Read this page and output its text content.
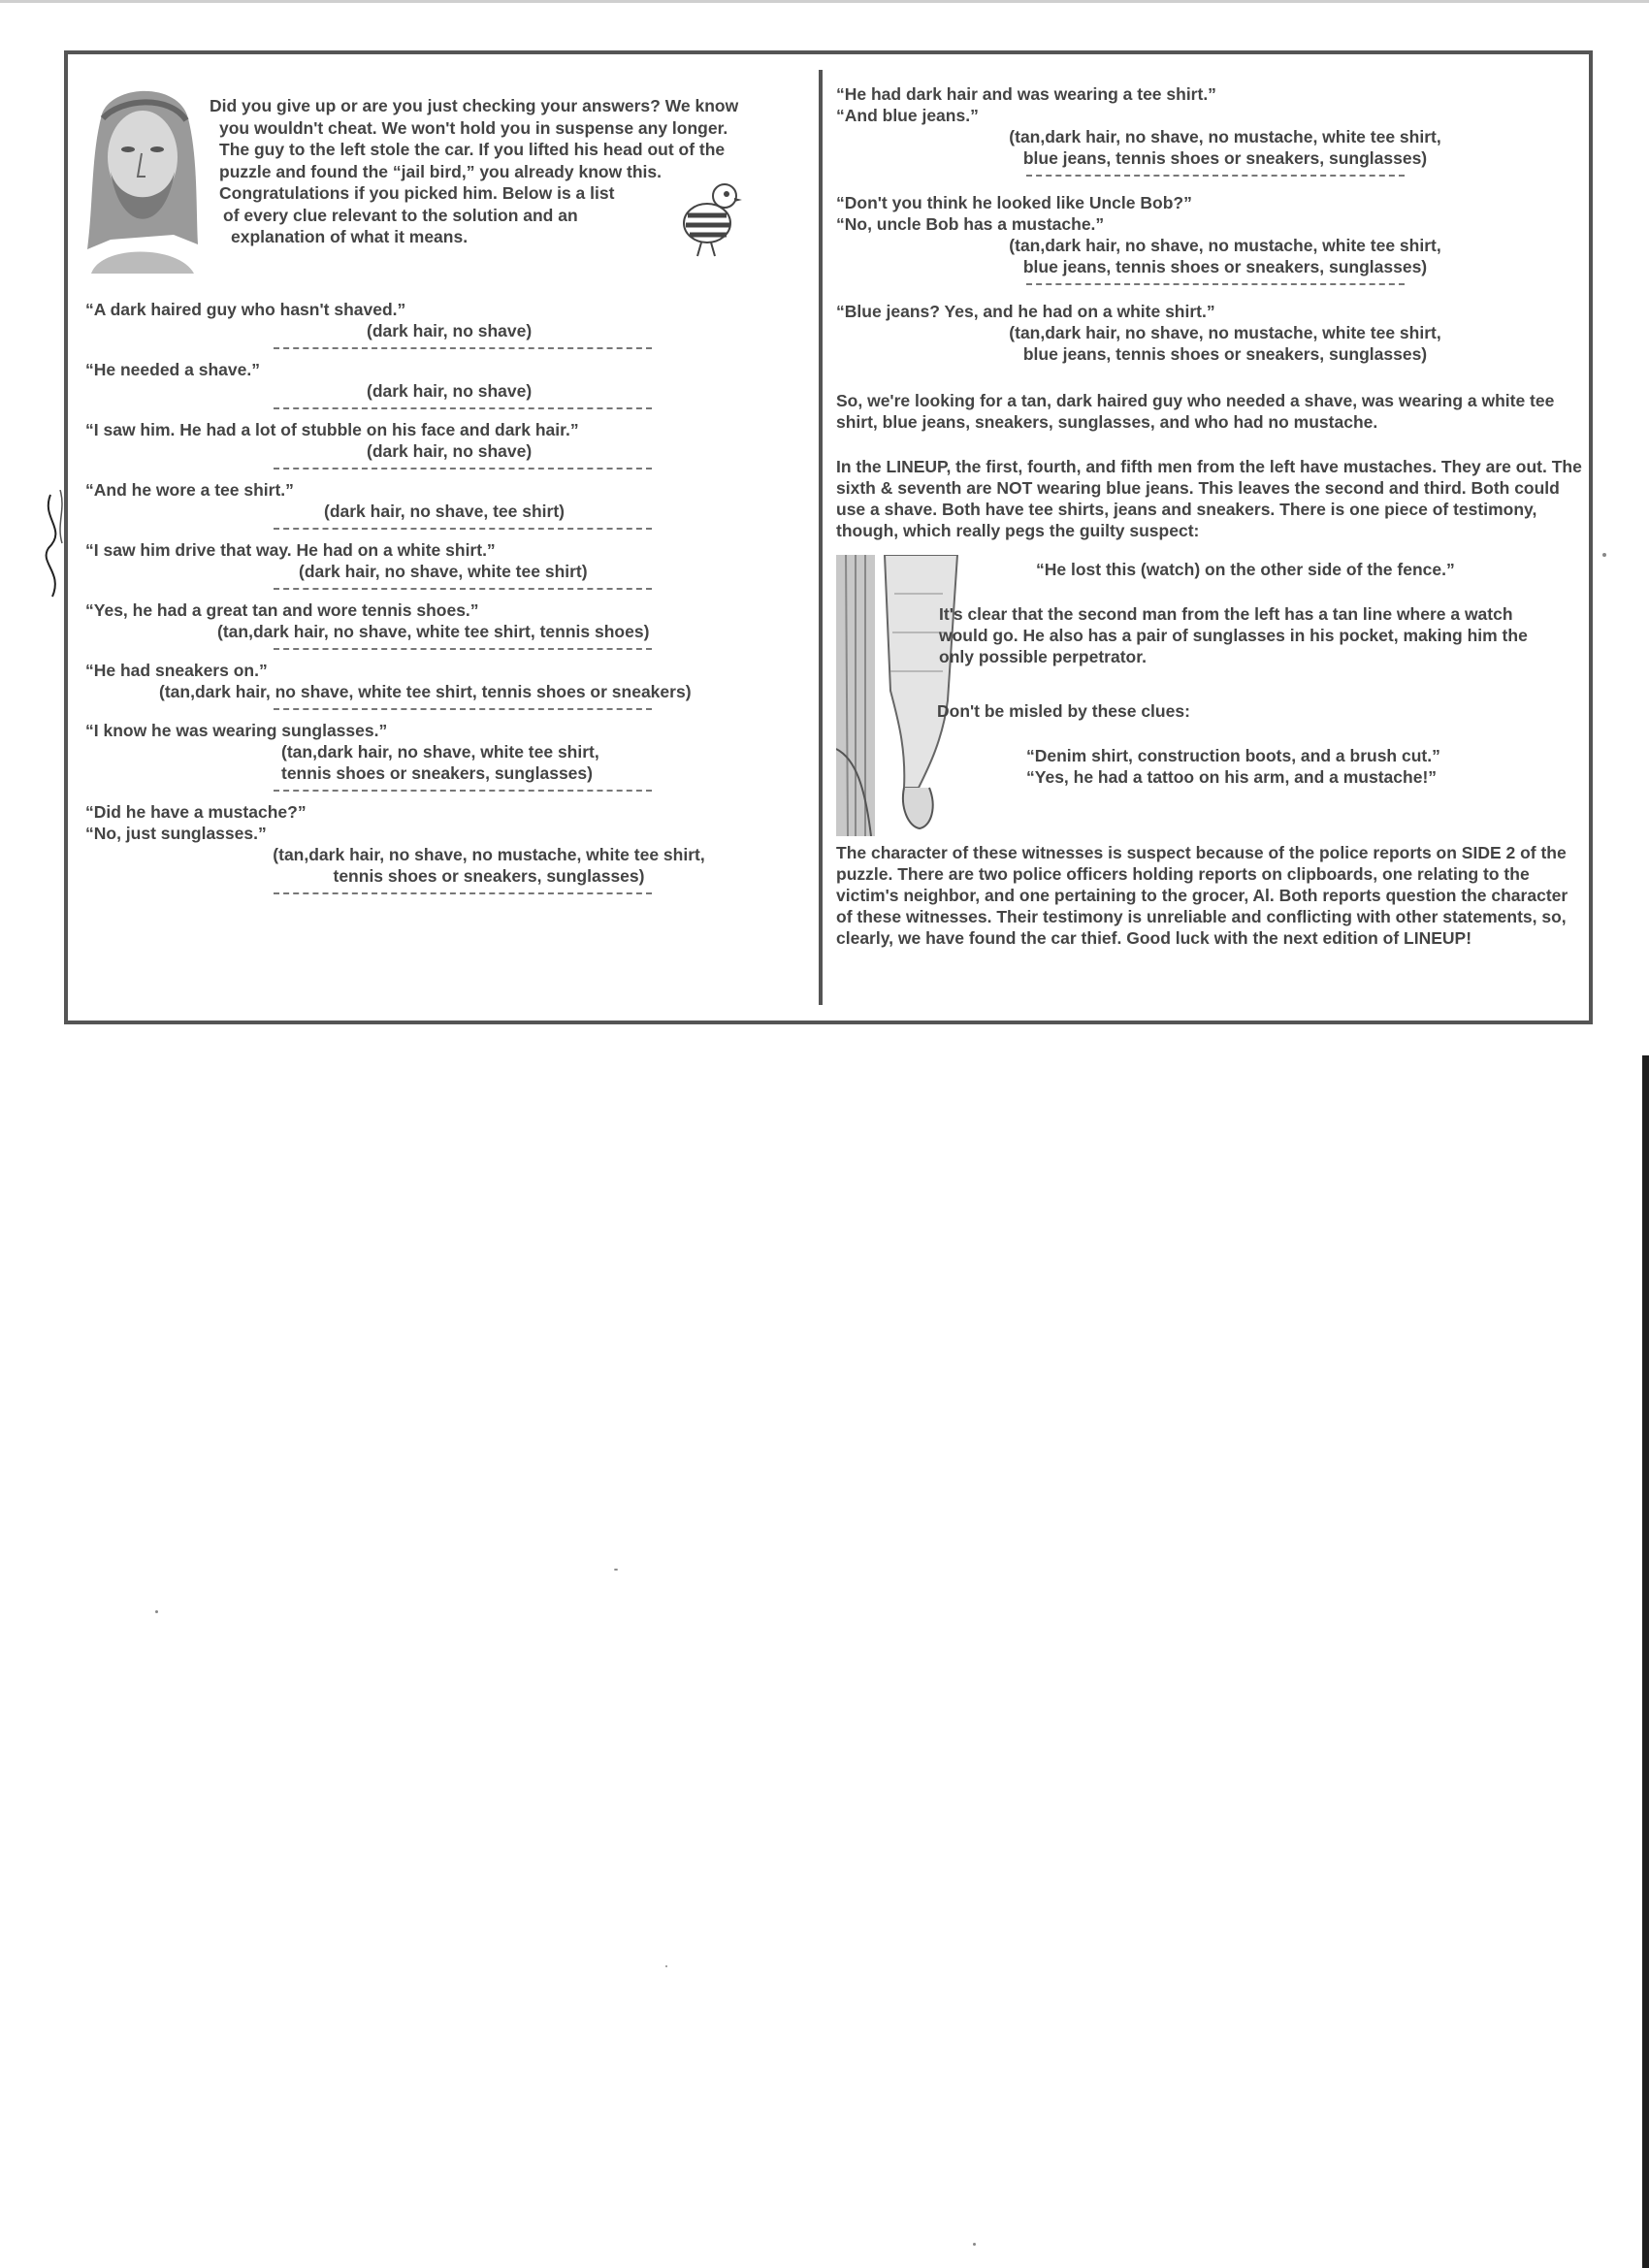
Did you give up or are you just checking your answers? We know

you wouldn't cheat. We won't hold you in suspense any longer.

The guy to the left stole the car. If you lifted his head out of the

puzzle and found the “jail bird,” you already know this.

Congratulations if you picked him. Below is a list

of every clue relevant to the solution and an

explanation of what it means.

“A dark haired guy who hasn't shaved.”
(dark hair, no shave)
“He needed a shave.”
(dark hair, no shave)
“I saw him. He had a lot of stubble on his face and dark hair.”
(dark hair, no shave)
“And he wore a tee shirt.”
(dark hair, no shave, tee shirt)
“I saw him drive that way. He had on a white shirt.”
(dark hair, no shave, white tee shirt)
“Yes, he had a great tan and wore tennis shoes.”
(tan,dark hair, no shave, white tee shirt, tennis shoes)
“He had sneakers on.”
(tan,dark hair, no shave, white tee shirt, tennis shoes or sneakers)
“I know he was wearing sunglasses.”
(tan,dark hair, no shave, white tee shirt,
tennis shoes or sneakers, sunglasses)
“Did he have a mustache?”
“No, just sunglasses.”
(tan,dark hair, no shave, no mustache, white tee shirt,
tennis shoes or sneakers, sunglasses)
“He had dark hair and was wearing a tee shirt.”
“And blue jeans.”
(tan,dark hair, no shave, no mustache, white tee shirt,
blue jeans, tennis shoes or sneakers, sunglasses)
“Don't you think he looked like Uncle Bob?”
“No, uncle Bob has a mustache.”
(tan,dark hair, no shave, no mustache, white tee shirt,
blue jeans, tennis shoes or sneakers, sunglasses)
“Blue jeans? Yes, and he had on a white shirt.”
(tan,dark hair, no shave, no mustache, white tee shirt,
blue jeans, tennis shoes or sneakers, sunglasses)

So, we're looking for a tan, dark haired guy who needed a shave, was wearing a white tee shirt, blue jeans, sneakers, sunglasses, and who had no mustache.

In the LINEUP, the first, fourth, and fifth men from the left have mustaches. They are out. The sixth & seventh are NOT wearing blue jeans. This leaves the second and third. Both could use a shave. Both have tee shirts, jeans and sneakers. There is one piece of testimony, though, which really pegs the guilty suspect:

“He lost this (watch) on the other side of the fence.”
It's clear that the second man from the left has a tan line where a watch would go. He also has a pair of sunglasses in his pocket, making him the only possible perpetrator.
Don't be misled by these clues:
“Denim shirt, construction boots, and a brush cut.”
“Yes, he had a tattoo on his arm, and a mustache!”

The character of these witnesses is suspect because of the police reports on SIDE 2 of the puzzle. There are two police officers holding reports on clipboards, one relating to the victim's neighbor, and one pertaining to the grocer, Al. Both reports question the character of these witnesses. Their testimony is unreliable and conflicting with other statements, so, clearly, we have found the car thief. Good luck with the next edition of LINEUP!
